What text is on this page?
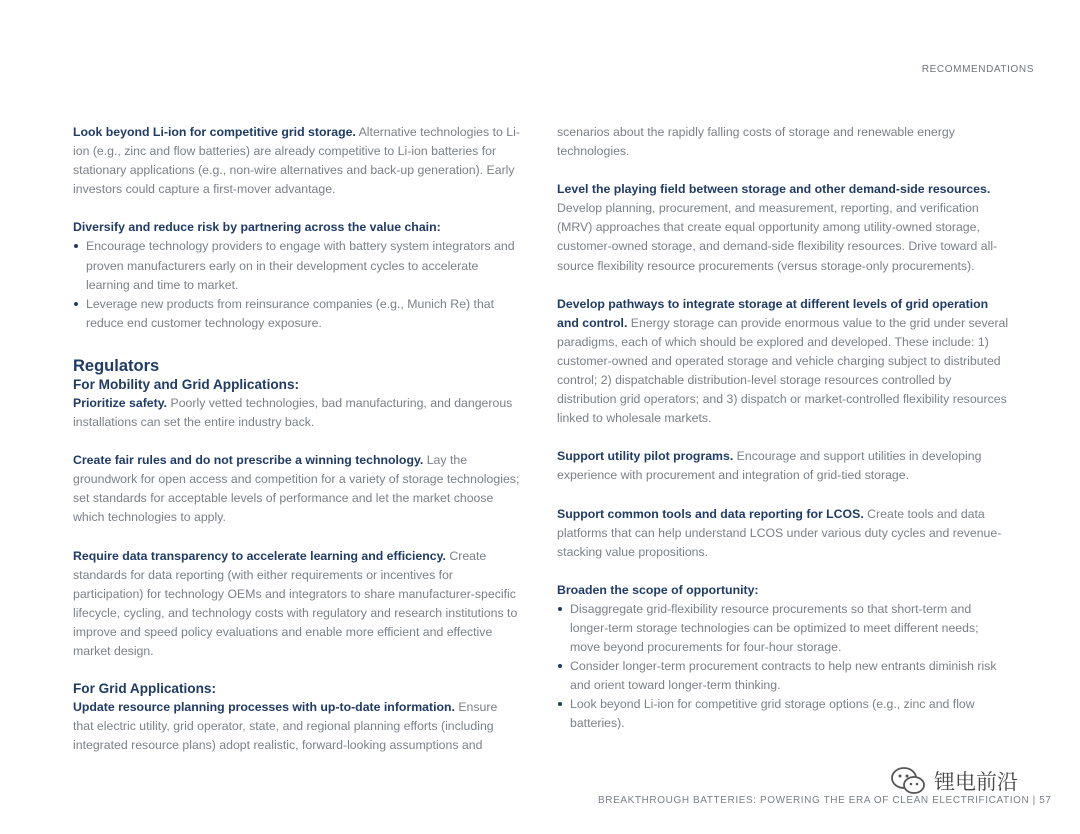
RECOMMENDATIONS

Look beyond Li-ion for competitive grid storage. Alternative technologies to Li-ion (e.g., zinc and flow batteries) are already competitive to Li-ion batteries for stationary applications (e.g., non-wire alternatives and back-up generation). Early investors could capture a first-mover advantage.

Diversify and reduce risk by partnering across the value chain:

Encourage technology providers to engage with battery system integrators and proven manufacturers early on in their development cycles to accelerate learning and time to market.
Leverage new products from reinsurance companies (e.g., Munich Re) that reduce end customer technology exposure.
Regulators
For Mobility and Grid Applications:

Prioritize safety. Poorly vetted technologies, bad manufacturing, and dangerous installations can set the entire industry back.

Create fair rules and do not prescribe a winning technology. Lay the groundwork for open access and competition for a variety of storage technologies; set standards for acceptable levels of performance and let the market choose which technologies to apply.

Require data transparency to accelerate learning and efficiency. Create standards for data reporting (with either requirements or incentives for participation) for technology OEMs and integrators to share manufacturer-specific lifecycle, cycling, and technology costs with regulatory and research institutions to improve and speed policy evaluations and enable more efficient and effective market design.

For Grid Applications:

Update resource planning processes with up-to-date information. Ensure that electric utility, grid operator, state, and regional planning efforts (including integrated resource plans) adopt realistic, forward-looking assumptions and

scenarios about the rapidly falling costs of storage and renewable energy technologies.

Level the playing field between storage and other demand-side resources. Develop planning, procurement, and measurement, reporting, and verification (MRV) approaches that create equal opportunity among utility-owned storage, customer-owned storage, and demand-side flexibility resources. Drive toward all-source flexibility resource procurements (versus storage-only procurements).

Develop pathways to integrate storage at different levels of grid operation and control. Energy storage can provide enormous value to the grid under several paradigms, each of which should be explored and developed. These include: 1) customer-owned and operated storage and vehicle charging subject to distributed control; 2) dispatchable distribution-level storage resources controlled by distribution grid operators; and 3) dispatch or market-controlled flexibility resources linked to wholesale markets.

Support utility pilot programs. Encourage and support utilities in developing experience with procurement and integration of grid-tied storage.

Support common tools and data reporting for LCOS. Create tools and data platforms that can help understand LCOS under various duty cycles and revenue-stacking value propositions.

Broaden the scope of opportunity:

Disaggregate grid-flexibility resource procurements so that short-term and longer-term storage technologies can be optimized to meet different needs; move beyond procurements for four-hour storage.
Consider longer-term procurement contracts to help new entrants diminish risk and orient toward longer-term thinking.
Look beyond Li-ion for competitive grid storage options (e.g., zinc and flow batteries).
BREAKTHROUGH BATTERIES: POWERING THE ERA OF CLEAN ELECTRIFICATION | 57
锂电前沿
